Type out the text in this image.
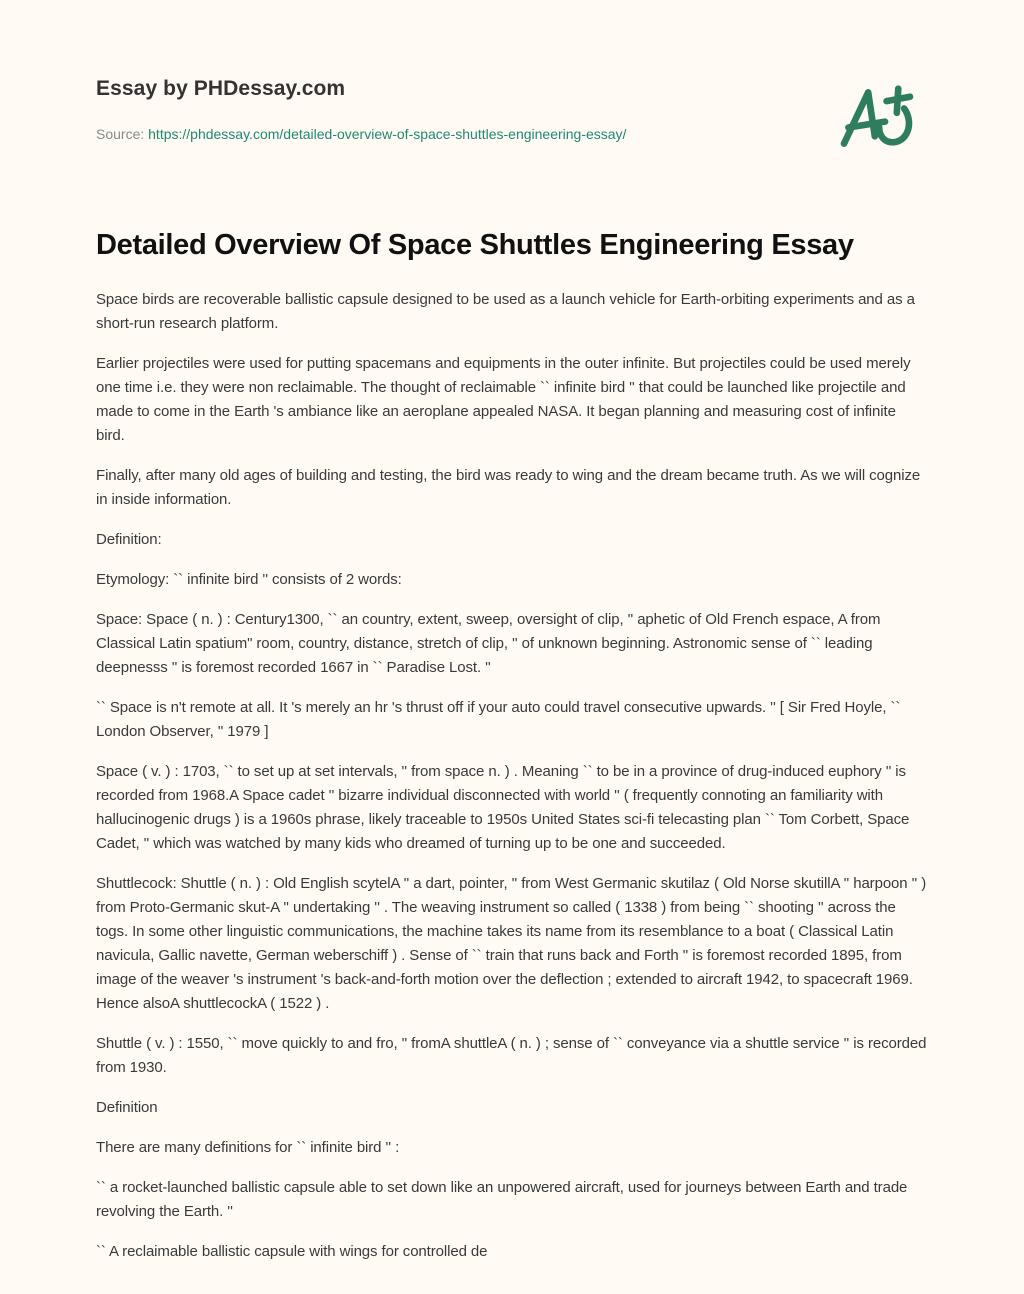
Essay by PHDessay.com
Source: https://phdessay.com/detailed-overview-of-space-shuttles-engineering-essay/
Detailed Overview Of Space Shuttles Engineering Essay

Space birds are recoverable ballistic capsule designed to be used as a launch vehicle for Earth-orbiting experiments and as a short-run research platform.

Earlier projectiles were used for putting spacemans and equipments in the outer infinite. But projectiles could be used merely one time i.e. they were non reclaimable. The thought of reclaimable `` infinite bird '' that could be launched like projectile and made to come in the Earth 's ambiance like an aeroplane appealed NASA. It began planning and measuring cost of infinite bird.

Finally, after many old ages of building and testing, the bird was ready to wing and the dream became truth. As we will cognize in inside information.

Definition:

Etymology: `` infinite bird '' consists of 2 words:

Space: Space ( n. ) : Century1300, `` an country, extent, sweep, oversight of clip, '' aphetic of Old French espace, A from Classical Latin spatium" room, country, distance, stretch of clip, '' of unknown beginning. Astronomic sense of `` leading deepnesss '' is foremost recorded 1667 in `` Paradise Lost. ''

`` Space is n't remote at all. It 's merely an hr 's thrust off if your auto could travel consecutive upwards. '' [ Sir Fred Hoyle, `` London Observer, '' 1979 ]

Space ( v. ) : 1703, `` to set up at set intervals, '' from space n. ) . Meaning `` to be in a province of drug-induced euphory '' is recorded from 1968.A Space cadet '' bizarre individual disconnected with world '' ( frequently connoting an familiarity with hallucinogenic drugs ) is a 1960s phrase, likely traceable to 1950s United States sci-fi telecasting plan `` Tom Corbett, Space Cadet, '' which was watched by many kids who dreamed of turning up to be one and succeeded.

Shuttlecock: Shuttle ( n. ) : Old English scytelA '' a dart, pointer, '' from West Germanic skutilaz ( Old Norse skutillA '' harpoon '' ) from Proto-Germanic skut-A '' undertaking '' . The weaving instrument so called ( 1338 ) from being `` shooting '' across the togs. In some other linguistic communications, the machine takes its name from its resemblance to a boat ( Classical Latin navicula, Gallic navette, German weberschiff ) . Sense of `` train that runs back and Forth '' is foremost recorded 1895, from image of the weaver 's instrument 's back-and-forth motion over the deflection ; extended to aircraft 1942, to spacecraft 1969. Hence alsoA shuttlecockA ( 1522 ) .

Shuttle ( v. ) : 1550, `` move quickly to and fro, '' fromA shuttleA ( n. ) ; sense of `` conveyance via a shuttle service '' is recorded from 1930.

Definition

There are many definitions for `` infinite bird '' :

`` a rocket-launched ballistic capsule able to set down like an unpowered aircraft, used for journeys between Earth and trade revolving the Earth. ''

`` A reclaimable ballistic capsule with wings for controlled de
